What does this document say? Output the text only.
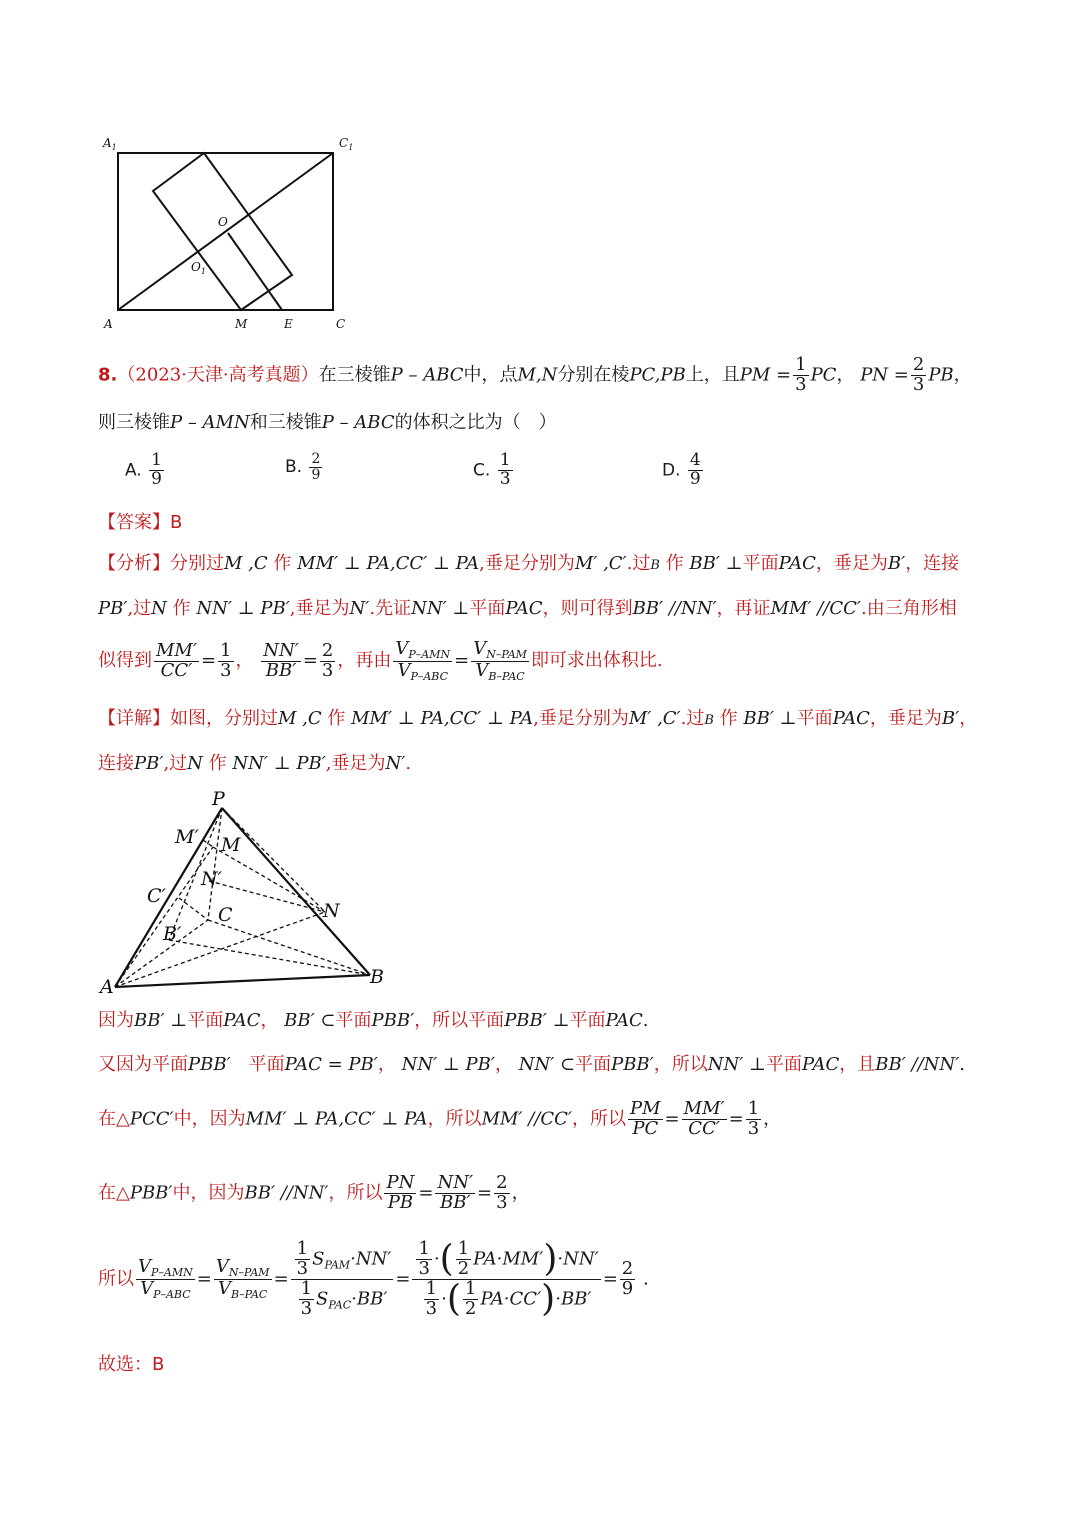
$A_1$	$C_1$
O
$O_1$
A	M	E	C
8.（2023·天津·高考真题）在三棱锥P – ABC中，点M,N分别在棱PC,PB上，且PM = $\frac{1}{3}$ PC， PN = $\frac{2}{3}$ PB，
则三棱锥P – AMN和三棱锥P – ABC的体积之比为（　）
A. $\frac{1}{9}$	B. $\frac{2}{9}$	C. $\frac{1}{3}$	D. $\frac{4}{9}$
【答案】B
【分析】分别过M ,C 作 MM′ ⊥ PA,CC′ ⊥ PA,垂足分别为M′ ,C′.过B 作 BB′ ⊥平面PAC，垂足为B′，连接
PB′,过N 作 NN′ ⊥ PB′,垂足为N′.先证NN′ ⊥平面PAC，则可得到BB′ //NN′，再证MM′ //CC′.由三角形相
似得到 $\frac{MM'}{CC'} = \frac{1}{3}$ ， $\frac{NN'}{BB'} = \frac{2}{3}$ ，再由 $\frac{V_{P-AMN}}{V_{P-ABC}} = \frac{V_{N-PAM}}{V_{B-PAC}}$ 即可求出体积比.
【详解】如图，分别过M ,C 作 MM′ ⊥ PA,CC′ ⊥ PA,垂足分别为M′ ,C′.过B 作 BB′ ⊥平面PAC，垂足为B′，
连接PB′,过N 作 NN′ ⊥ PB′,垂足为N′.
P
M′ M
N′
C′
C	N
B′
A	B
因为BB′ ⊥平面PAC， BB′ ⊂平面PBB′，所以平面PBB′ ⊥平面PAC.
又因为平面PBB′　 平面PAC = PB′， NN′ ⊥ PB′， NN′ ⊂平面PBB′，所以NN′ ⊥平面PAC，且BB′ //NN′.
在△PCC′中，因为MM′ ⊥ PA,CC′ ⊥ PA，所以MM′ //CC′，所以 $\frac{PM}{PC} = \frac{MM'}{CC'} = \frac{1}{3}$ ，
在△PBB′中，因为BB′ //NN′，所以 $\frac{PN}{PB} = \frac{NN'}{BB'} = \frac{2}{3}$ ，
所以 $\frac{V_{P-AMN}}{V_{P-ABC}} = \frac{V_{N-PAM}}{V_{B-PAC}} = \frac{\frac{1}{3} S_{PAM}\cdot NN'}{\frac{1}{3} S_{PAC}\cdot BB'} = \frac{\frac{1}{3} \cdot( \frac{1}{2} PA\cdot MM')\cdot NN'}{\frac{1}{3} \cdot( \frac{1}{2} PA\cdot CC')\cdot BB'} = \frac{2}{9}$ .
故选：B
